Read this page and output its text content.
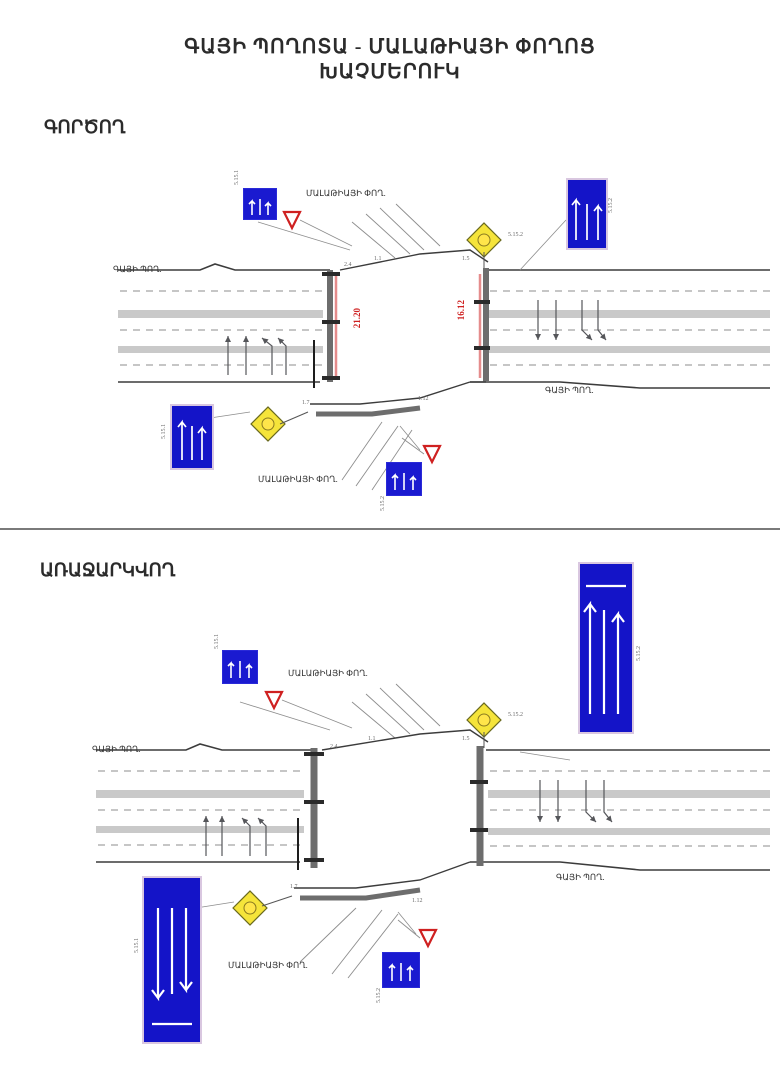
ԳԱՅԻ ՊՈՂՈՏԱ - ՄԱԼԱԹԻԱՅԻ ՓՈՂՈՑ
ԽԱՉՄԵՐՈՒԿ
ԳՈՐԾՈՂ
ԳԱՅԻ ՊՈՂ.
ՄԱԼԱԹԻԱՅԻ ՓՈՂ.
ԳԱՅԻ ՊՈՂ.
ՄԱԼԱԹԻԱՅԻ ՓՈՂ.
21.20	16.12
5.15.1
5.15.2
5.15.1
5.15.2
2.4
1.1	1.5
1.7
1.12
5.15.2
ԱՌԱՋԱՐԿՎՈՂ
ԳԱՅԻ ՊՈՂ.
ՄԱԼԱԹԻԱՅԻ ՓՈՂ.
ԳԱՅԻ ՊՈՂ.
ՄԱԼԱԹԻԱՅԻ ՓՈՂ.
5.15.1
5.15.2
5.15.1
5.15.2
2.4
1.1	1.5
1.7
1.12
5.15.2
